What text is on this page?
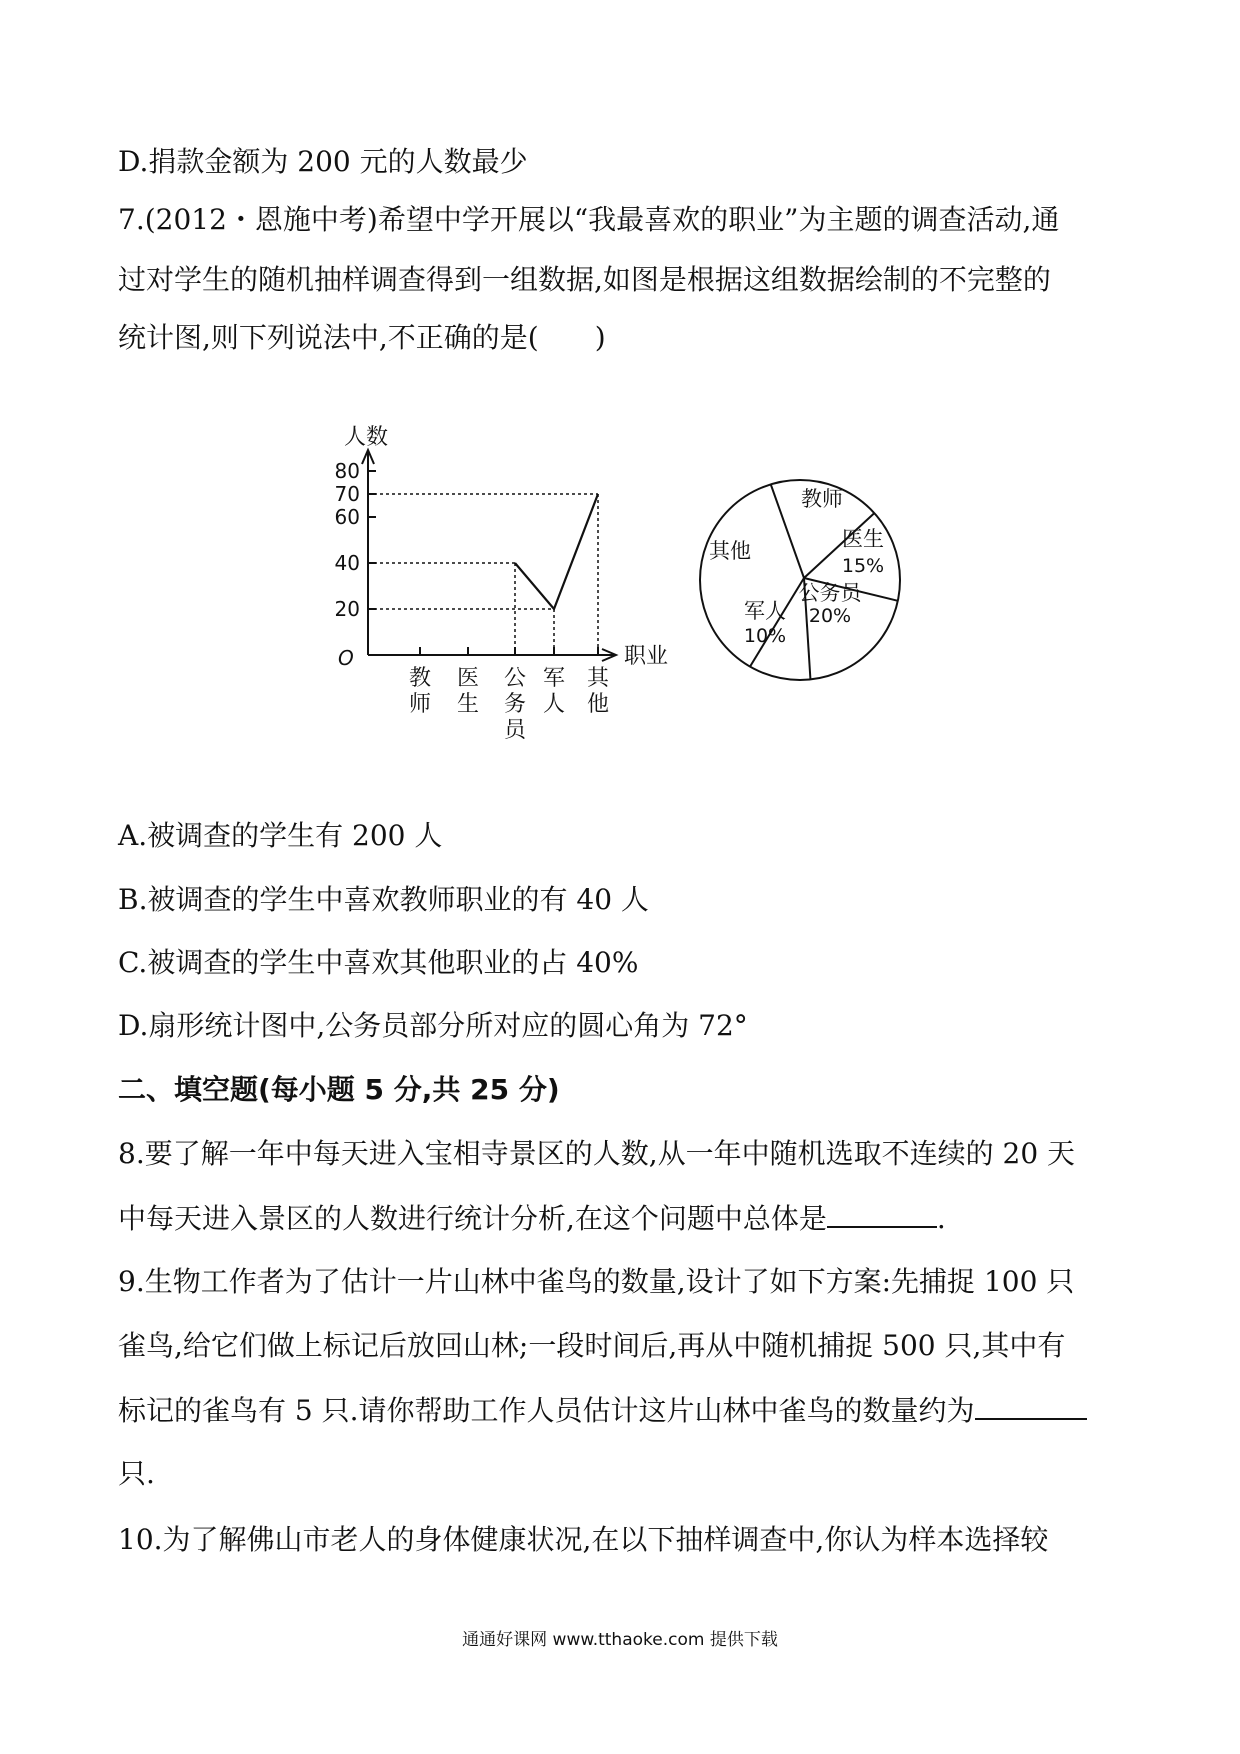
D.捐款金额为 200 元的人数最少
7.(2012・恩施中考)希望中学开展以“我最喜欢的职业”为主题的调查活动,通
过对学生的随机抽样调查得到一组数据,如图是根据这组数据绘制的不完整的
统计图,则下列说法中,不正确的是(　　)
20
40
60
70
80
人数
O	职业
教
师
医
生
公
务
员
军
人
其
他
教师
医生
15%
公务员
20%
军人
10%
其他
A.被调查的学生有 200 人
B.被调查的学生中喜欢教师职业的有 40 人
C.被调查的学生中喜欢其他职业的占 40%
D.扇形统计图中,公务员部分所对应的圆心角为 72°
二、填空题(每小题 5 分,共 25 分)
8.要了解一年中每天进入宝相寺景区的人数,从一年中随机选取不连续的 20 天
中每天进入景区的人数进行统计分析,在这个问题中总体是	.
9.生物工作者为了估计一片山林中雀鸟的数量,设计了如下方案:先捕捉 100 只
雀鸟,给它们做上标记后放回山林;一段时间后,再从中随机捕捉 500 只,其中有
标记的雀鸟有 5 只.请你帮助工作人员估计这片山林中雀鸟的数量约为
只.
10.为了解佛山市老人的身体健康状况,在以下抽样调查中,你认为样本选择较
通通好课网 www.tthaoke.com 提供下载
